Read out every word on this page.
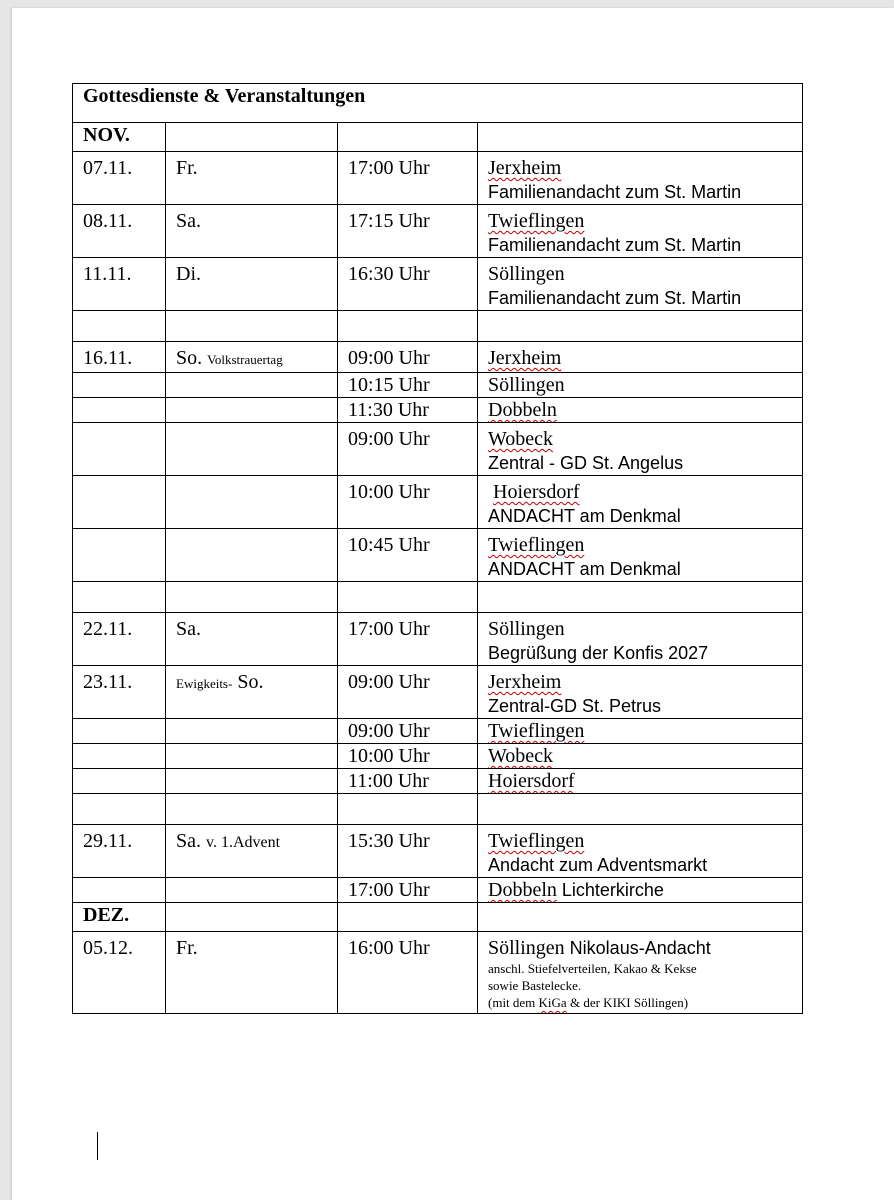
Gottesdienste & Veranstaltungen			
NOV.			

07.11.	Fr.	17:00 Uhr	Jerxheim
Familienandacht zum St. Martin

08.11.	Sa.	17:15 Uhr	Twieflingen
Familienandacht zum St. Martin

11.11.	Di.	16:30 Uhr	Söllingen
Familienandacht zum St. Martin

16.11.	So. Volkstrauertag	09:00 Uhr	Jerxheim

		10:15 Uhr	Söllingen
		11:30 Uhr	Dobbeln

		09:00 Uhr	Wobeck
Zentral - GD St. Angelus

		10:00 Uhr	Hoiersdorf
ANDACHT am Denkmal

		10:45 Uhr	Twieflingen
ANDACHT am Denkmal

22.11.	Sa.	17:00 Uhr	Söllingen
Begrüßung der Konfis 2027

23.11.	Ewigkeits- So.	09:00 Uhr	Jerxheim
Zentral-GD St. Petrus

		09:00 Uhr	Twieflingen
		10:00 Uhr	Wobeck
		11:00 Uhr	Hoiersdorf

29.11.	Sa. v. 1.Advent	15:30 Uhr	Twieflingen
Andacht zum Adventsmarkt

		17:00 Uhr	Dobbeln Lichterkirche
DEZ.			

05.12.	Fr.	16:00 Uhr	Söllingen Nikolaus-Andacht
anschl. Stiefelverteilen, Kakao & Kekse
sowie Bastelecke.
(mit dem KiGa & der KIKI Söllingen)
